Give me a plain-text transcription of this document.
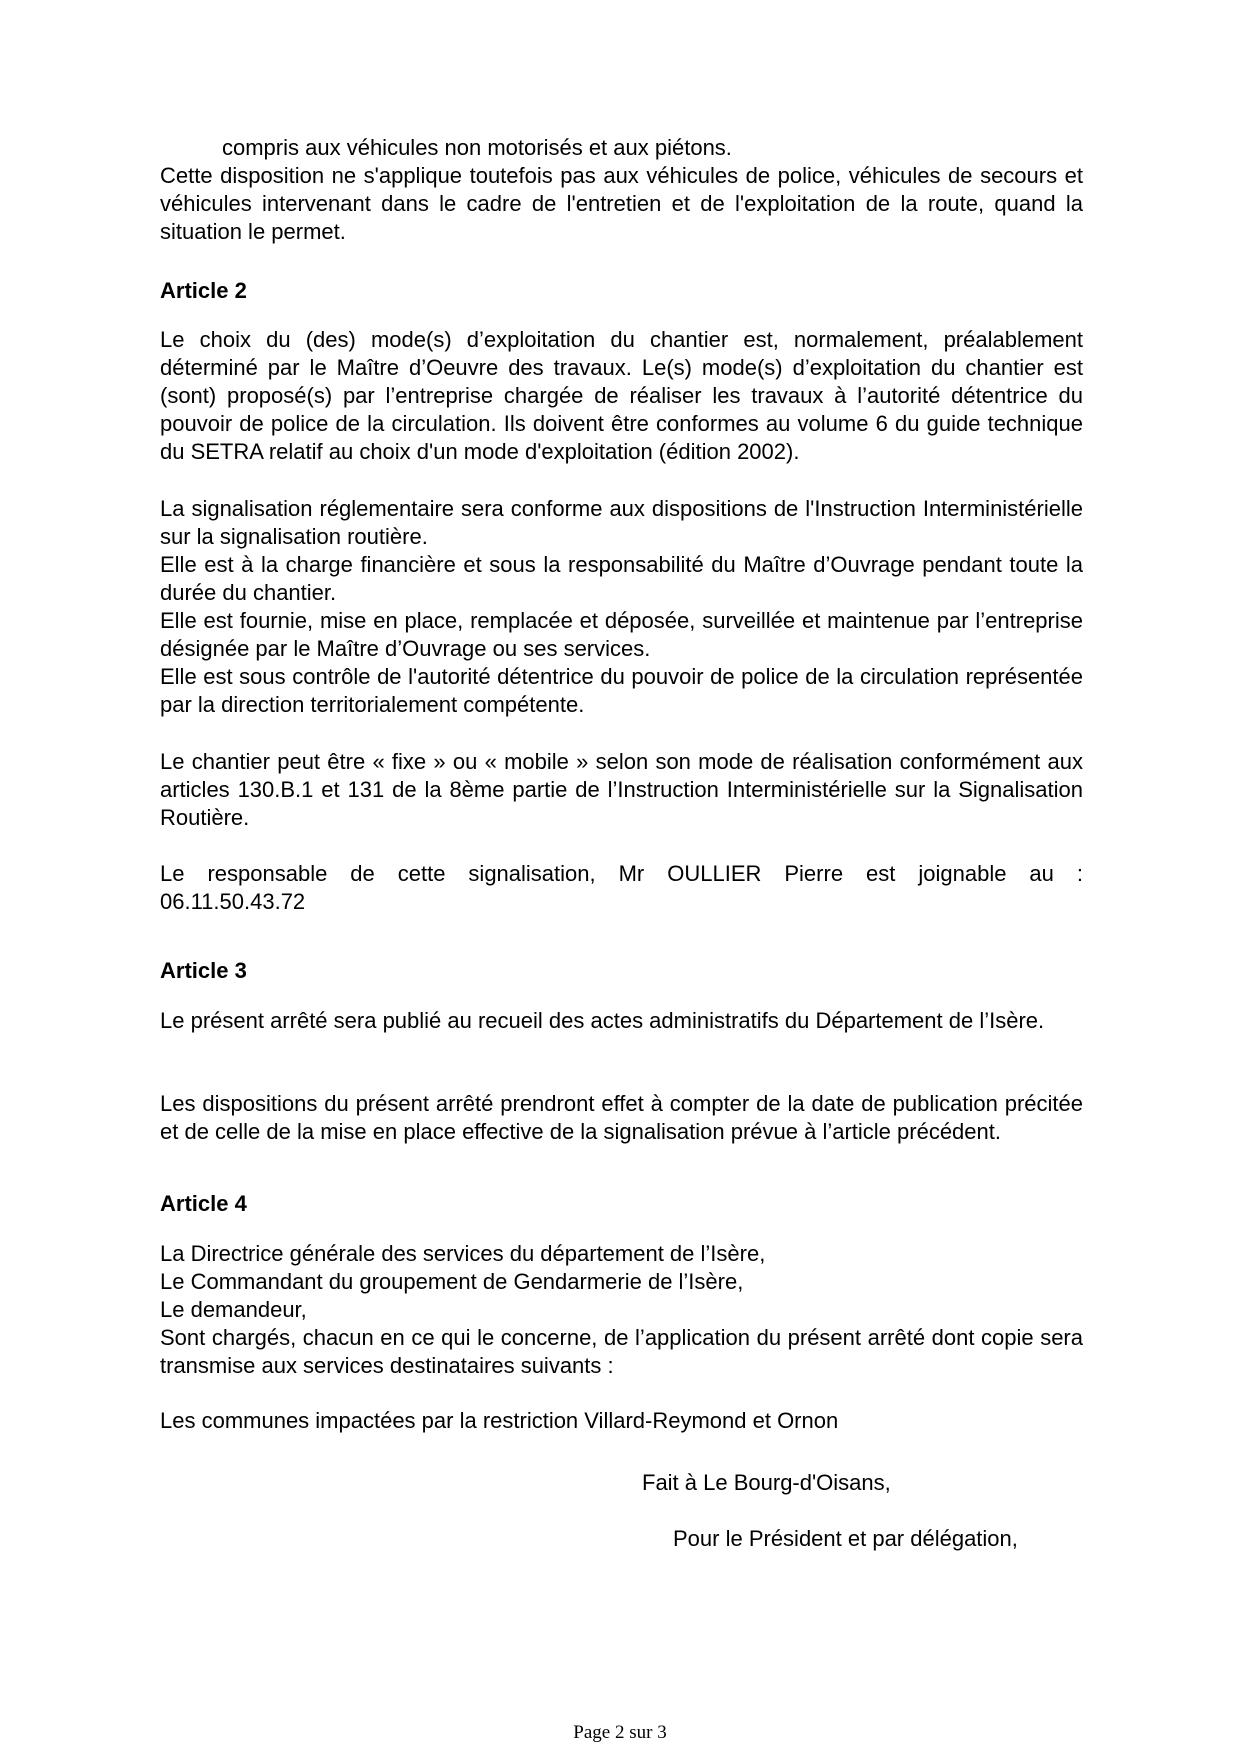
compris aux véhicules non motorisés et aux piétons.

Cette disposition ne s'applique toutefois pas aux véhicules de police, véhicules de secours et véhicules intervenant dans le cadre de l'entretien et de l'exploitation de la route, quand la situation le permet.

Article 2

Le choix du (des) mode(s) d’exploitation du chantier est, normalement, préalablement déterminé par le Maître d’Oeuvre des travaux. Le(s) mode(s) d’exploitation du chantier est (sont) proposé(s) par l’entreprise chargée de réaliser les travaux à l’autorité détentrice du pouvoir de police de la circulation. Ils doivent être conformes au volume 6 du guide technique du SETRA relatif au choix d'un mode d'exploitation (édition 2002).

La signalisation réglementaire sera conforme aux dispositions de l'Instruction Interministérielle sur la signalisation routière.
Elle est à la charge financière et sous la responsabilité du Maître d’Ouvrage pendant toute la durée du chantier.
Elle est fournie, mise en place, remplacée et déposée, surveillée et maintenue par l’entreprise désignée par le Maître d’Ouvrage ou ses services.
Elle est sous contrôle de l'autorité détentrice du pouvoir de police de la circulation représentée par la direction territorialement compétente.

Le chantier peut être « fixe » ou « mobile » selon son mode de réalisation conformément aux articles 130.B.1 et 131 de la 8ème partie de l’Instruction Interministérielle sur la Signalisation Routière.

Le responsable de cette signalisation, Mr OULLIER Pierre est joignable au :

06.11.50.43.72

Article 3

Le présent arrêté sera publié au recueil des actes administratifs du Département de l’Isère.

Les dispositions du présent arrêté prendront effet à compter de la date de publication précitée et de celle de la mise en place effective de la signalisation prévue à l’article précédent.

Article 4

La Directrice générale des services du département de l’Isère,
Le Commandant du groupement de Gendarmerie de l’Isère,
Le demandeur,

Sont chargés, chacun en ce qui le concerne, de l’application du présent arrêté dont copie sera transmise aux services destinataires suivants :

Les communes impactées par la restriction Villard-Reymond et Ornon

Fait à Le Bourg-d'Oisans,

Pour le Président et par délégation,

Page 2 sur 3
